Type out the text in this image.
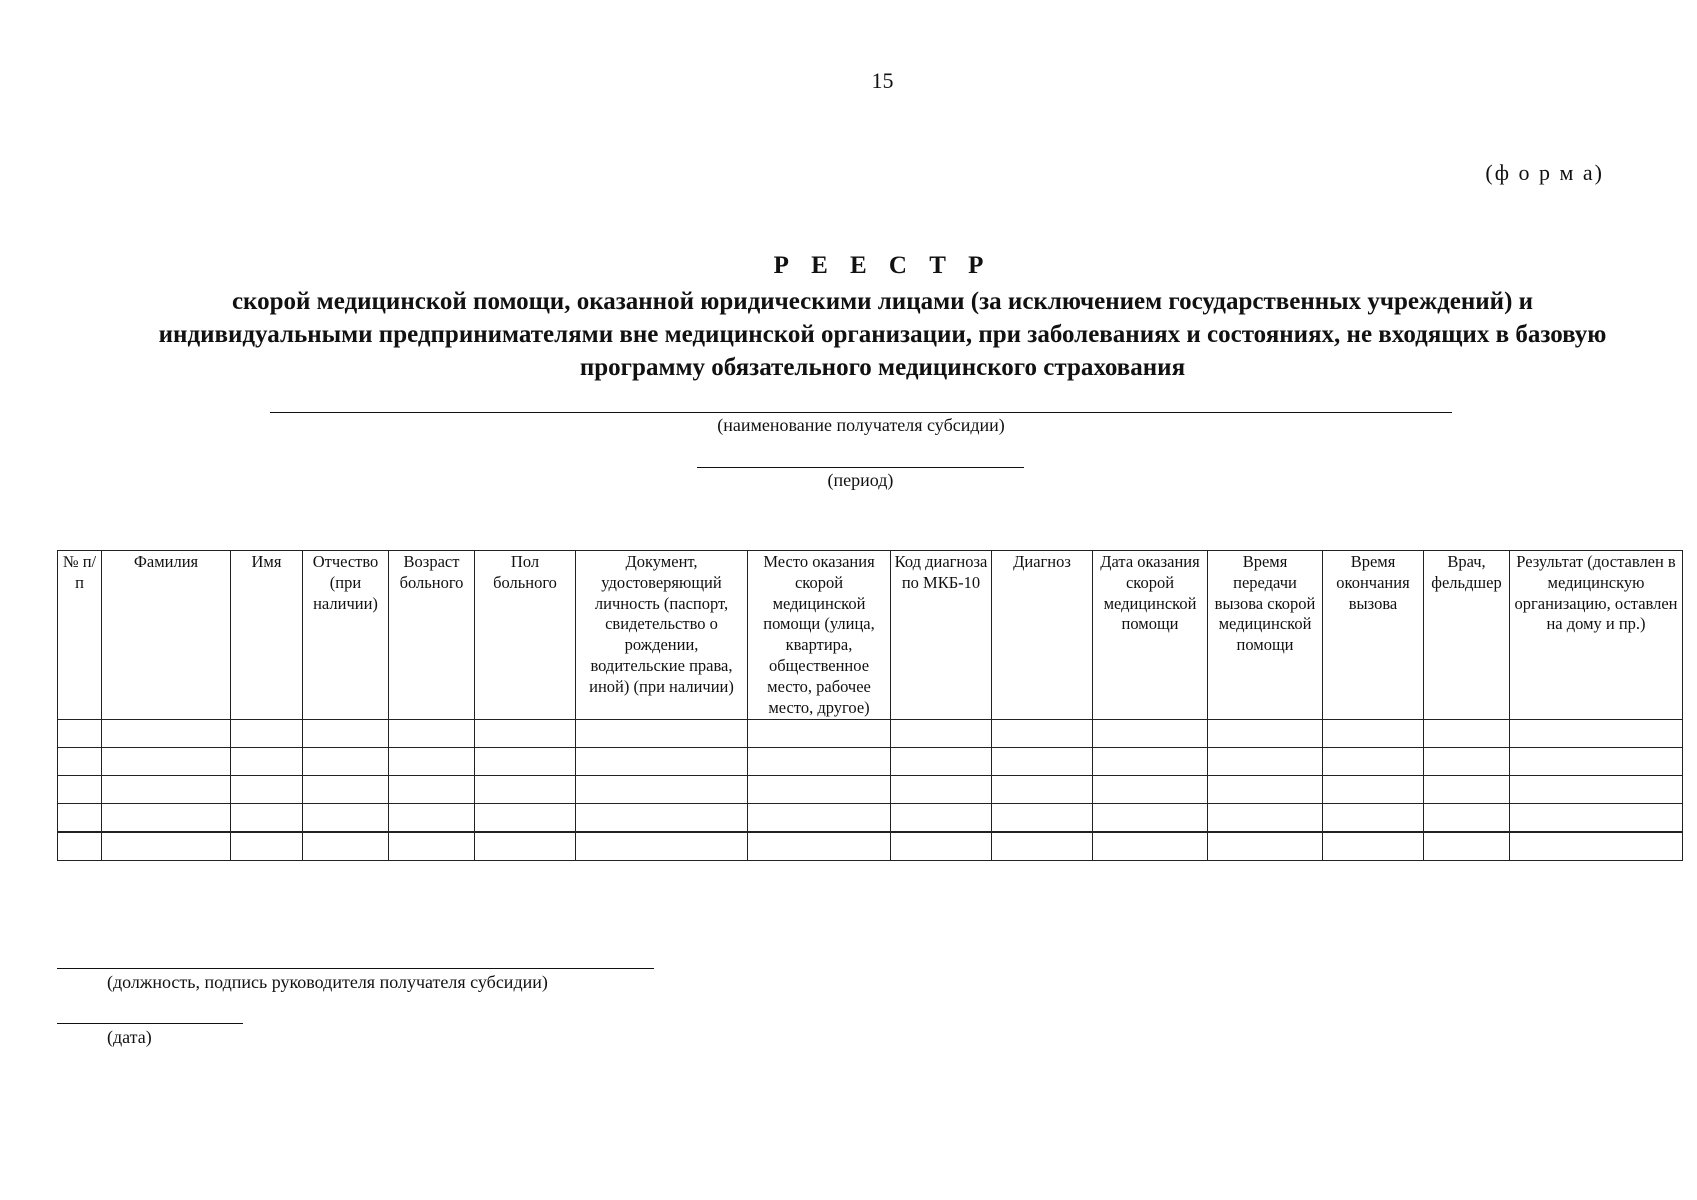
15
(ф о р м а)
Р Е Е С Т Р
скорой медицинской помощи, оказанной юридическими лицами (за исключением государственных учреждений) и индивидуальными предпринимателями вне медицинской организации, при заболеваниях и состояниях, не входящих в базовую программу обязательного медицинского страхования
(наименование получателя субсидии)
(период)
№ п/п	Фамилия	Имя	Отчество (при наличии)	Возраст больного	Пол больного	Документ, удостоверяющий личность (паспорт, свидетельство о рождении, водительские права, иной) (при наличии)	Место оказания скорой медицинской помощи (улица, квартира, общественное место, рабочее место, другое)	Код диагноза по МКБ-10	Диагноз	Дата оказания скорой медицинской помощи	Время передачи вызова скорой медицинской помощи	Время окончания вызова	Врач, фельдшер	Результат (доставлен в медицинскую организацию, оставлен на дому и пр.)

(должность, подпись руководителя получателя субсидии)
(дата)
